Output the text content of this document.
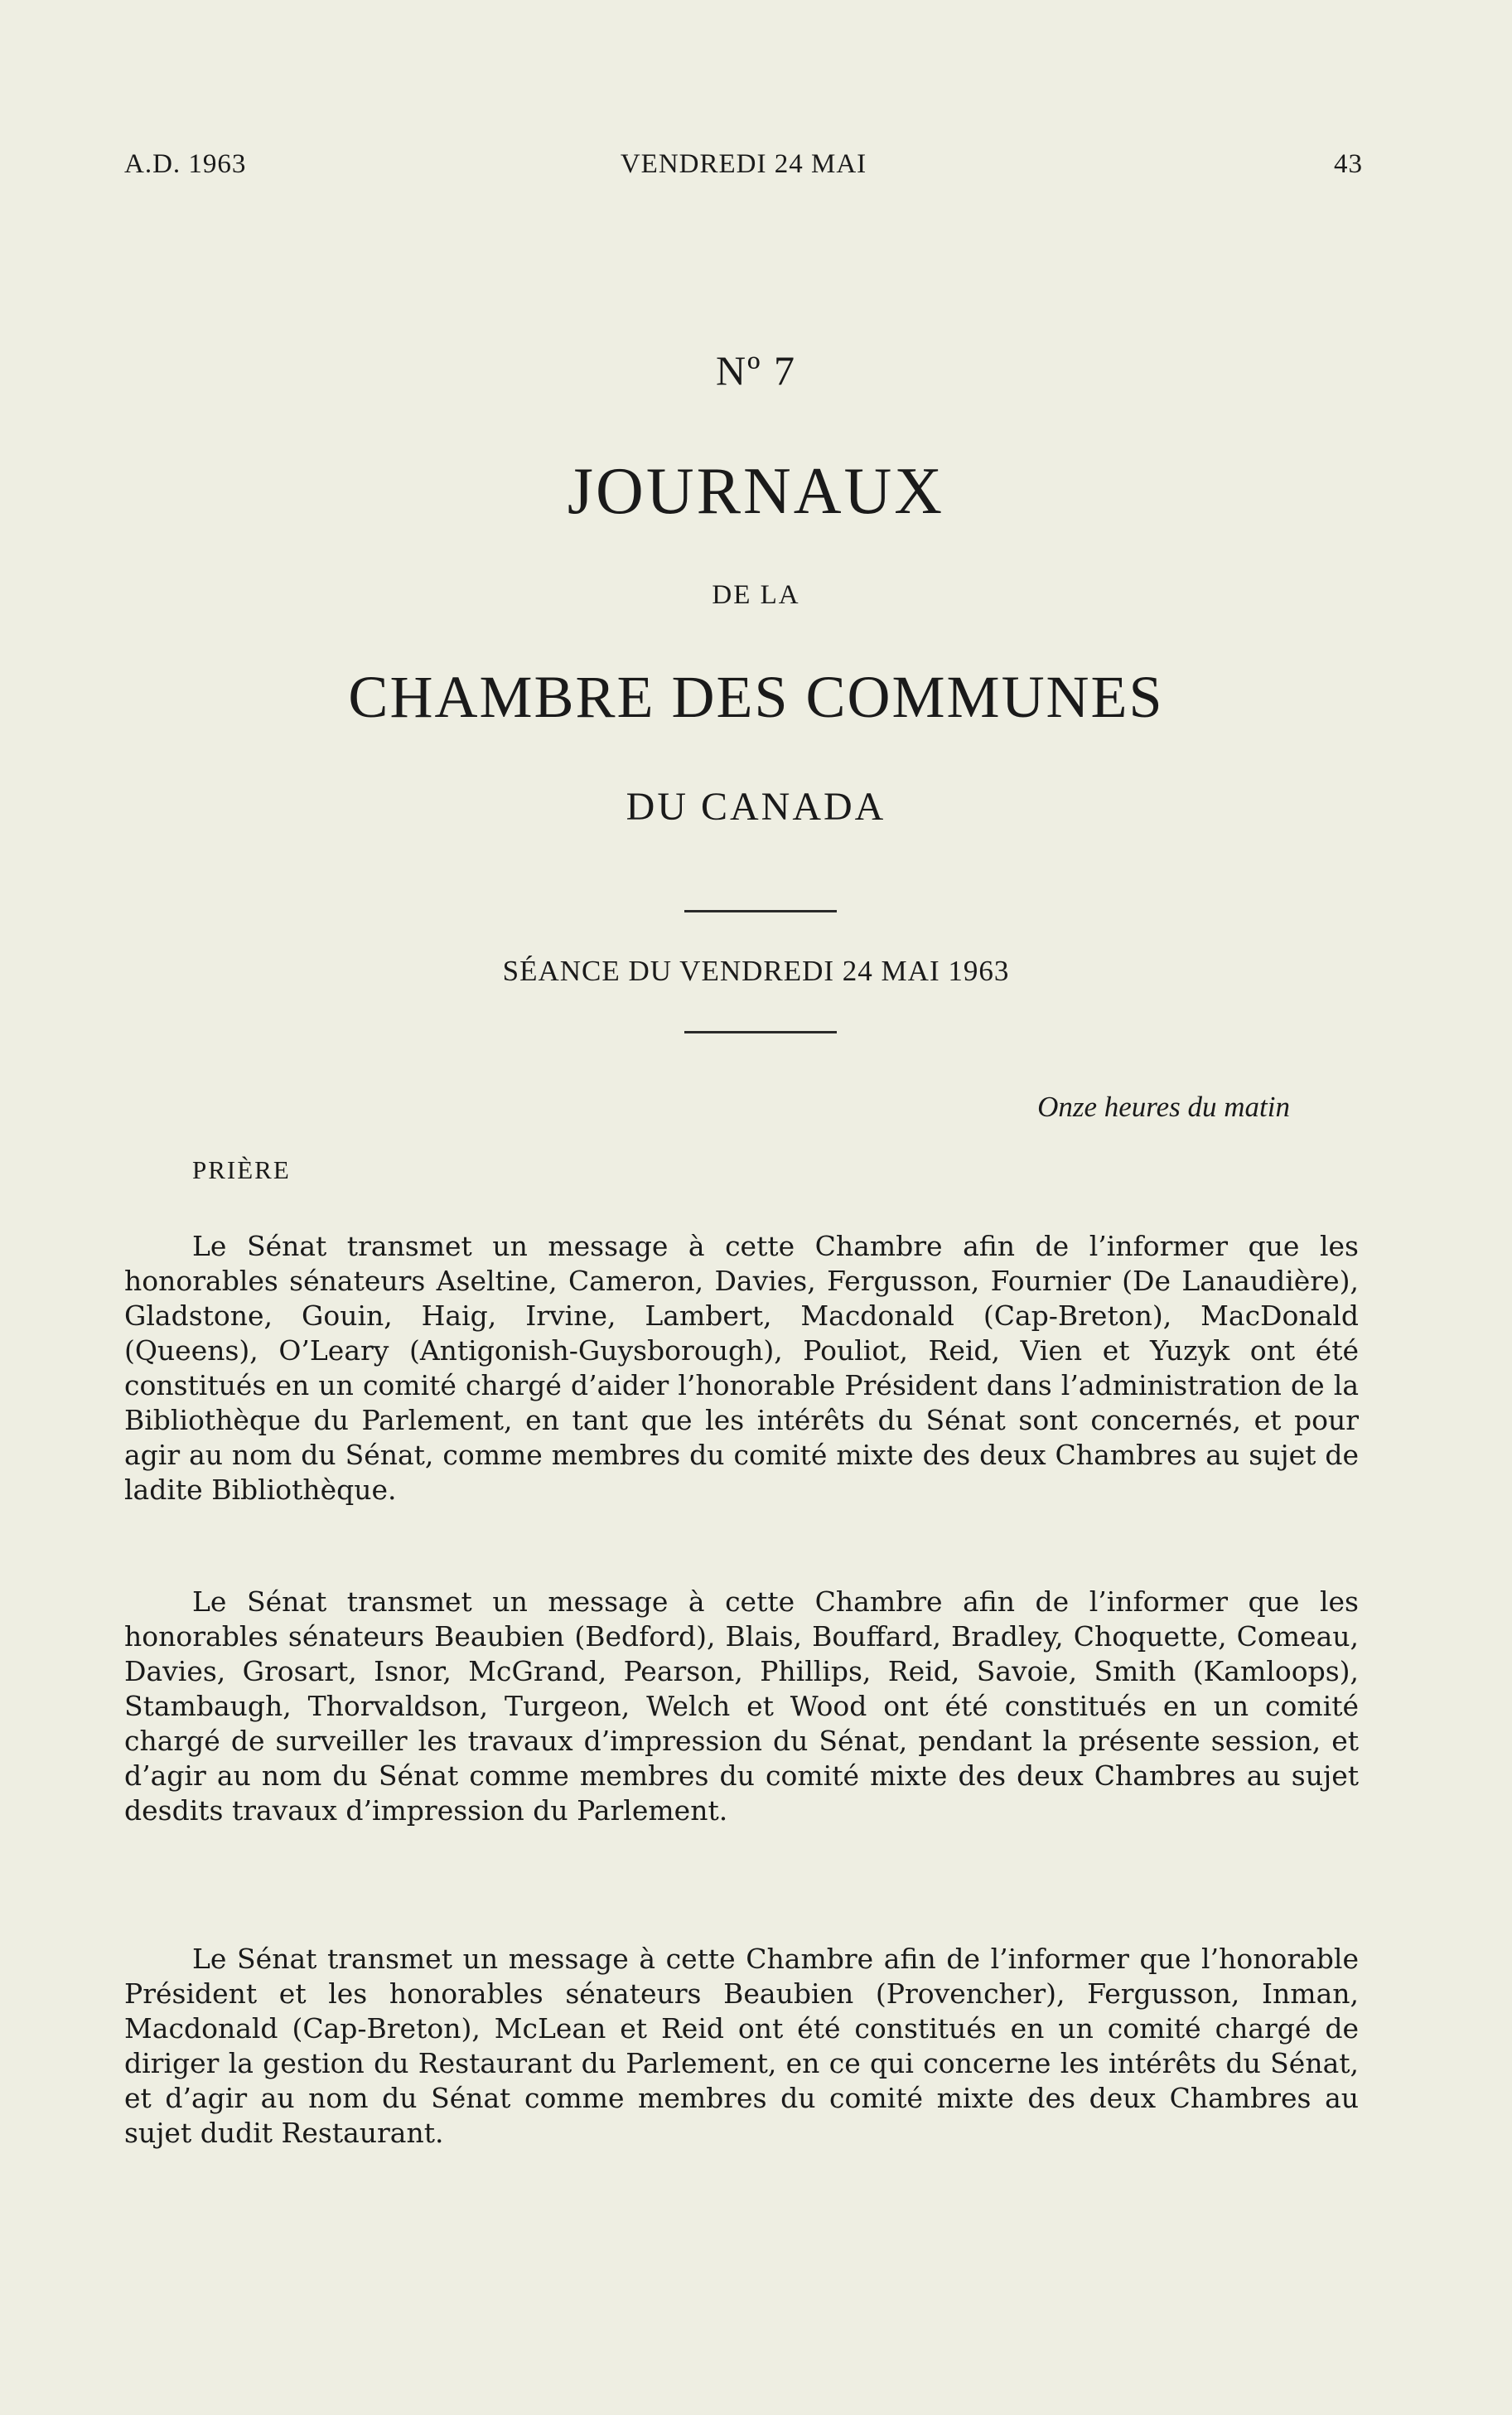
A.D. 1963	VENDREDI 24 MAI	43
Nº 7
JOURNAUX
DE LA
CHAMBRE DES COMMUNES
DU CANADA
SÉANCE DU VENDREDI 24 MAI 1963
Onze heures du matin
PRIÈRE

Le Sénat transmet un message à cette Chambre afin de l’informer que les honorables sénateurs Aseltine, Cameron, Davies, Fergusson, Fournier (De Lanaudière), Gladstone, Gouin, Haig, Irvine, Lambert, Macdonald (Cap-Breton), MacDonald (Queens), O’Leary (Antigonish-Guysborough), Pouliot, Reid, Vien et Yuzyk ont été constitués en un comité chargé d’aider l’honorable Président dans l’administration de la Bibliothèque du Parlement, en tant que les intérêts du Sénat sont concernés, et pour agir au nom du Sénat, comme membres du comité mixte des deux Chambres au sujet de ladite Bibliothèque.

Le Sénat transmet un message à cette Chambre afin de l’informer que les honorables sénateurs Beaubien (Bedford), Blais, Bouffard, Bradley, Choquette, Comeau, Davies, Grosart, Isnor, McGrand, Pearson, Phillips, Reid, Savoie, Smith (Kamloops), Stambaugh, Thorvaldson, Turgeon, Welch et Wood ont été constitués en un comité chargé de surveiller les travaux d’impression du Sénat, pendant la présente session, et d’agir au nom du Sénat comme membres du comité mixte des deux Chambres au sujet desdits travaux d’impression du Parlement.

Le Sénat transmet un message à cette Chambre afin de l’informer que l’honorable Président et les honorables sénateurs Beaubien (Provencher), Fergusson, Inman, Macdonald (Cap-Breton), McLean et Reid ont été constitués en un comité chargé de diriger la gestion du Restaurant du Parlement, en ce qui concerne les intérêts du Sénat, et d’agir au nom du Sénat comme membres du comité mixte des deux Chambres au sujet dudit Restaurant.
